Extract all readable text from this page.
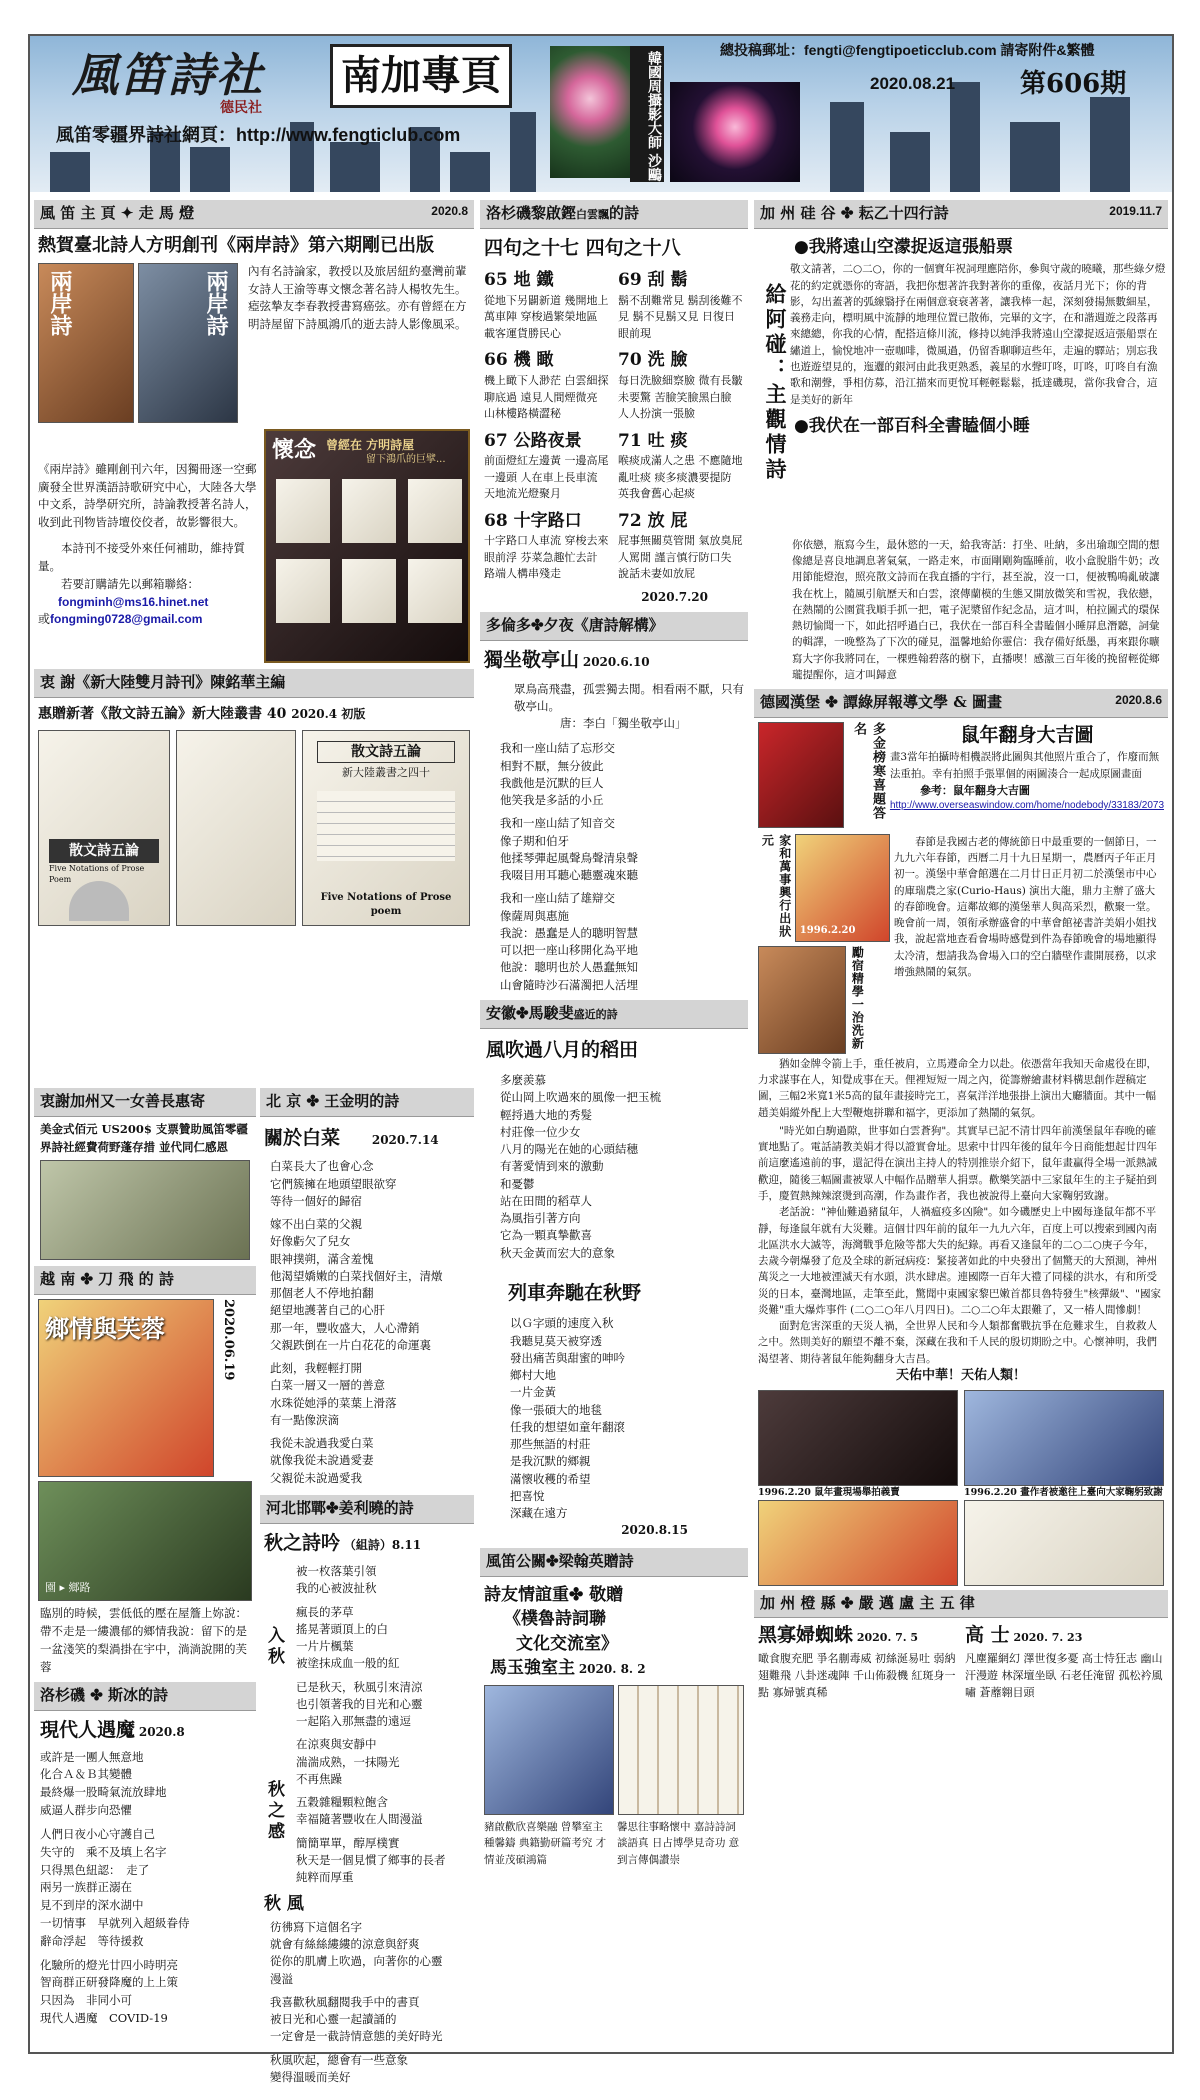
風笛詩社 南加專頁
德民社
風笛零疆界詩社網頁：http://www.fengticlub.com	韓國周攝影大師 沙鷗
總投稿郵址：fengti@fengtipoeticclub.com 請寄附件&繁體
2020.08.21 第606期
風 笛 主 頁 ✦ 走 馬 燈	2020.8
熱賀臺北詩人方明創刊《兩岸詩》第六期剛已出版
兩岸詩	兩岸詩	內有名詩論家，教授以及旅居紐約臺灣前輩女詩人王渝等專文懷念著名詩人楊牧先生。瘂弦摯友李春教授書寫癌弦。亦有曾經在方明詩屋留下詩風鴻爪的逝去詩人影像風采。
《兩岸詩》雖剛創刊六年，因獨冊逐一空郵廣發全世界漢語詩歌研究中心，大陸各大學中文系，詩學研究所，詩論教授著名詩人，收到此刊物皆詩壇佼佼者，故影響很大。
本詩刊不接受外來任何補助，維持質量。
若要訂購請先以郵箱聯絡：
fongminh@ms16.hinet.net
或fongming0728@gmail.com
懷念 曾經在 方明詩屋
留下鴻爪的巨擘...
衷 謝《新大陸雙月詩刊》陳銘華主編
惠贈新著《散文詩五論》新大陸叢書 40 2020.4 初版
散文詩五論
Five Notations of Prose Poem
散文詩五論
新大陸叢書之四十
Five Notations of Prose poem
衷謝加州又一女善長惠寄
美金式佰元 US200$ 支票贊助風笛零疆界詩社經費荷野蓬存措 並代同仁感恩
越 南 ✤ 刀 飛 的 詩
鄉情與芙蓉	2020.06.19
園 ▸ 鄉路
臨別的時候，雲低低的壓在屋簷上妳說：帶不走是一縷濃郁的鄉情我說：留下的是一盆淺笑的梨渦掛在宇中，淌淌說開的芙蓉
洛杉磯 ✤ 斯冰的詩
現代人遇魔 2020.8
或許是一團人無意地
化合Ａ＆Ｂ其變體
最終爆一股畸氣流放肆地
威逼人群步向恐懼

人們日夜小心守護自己
失守的　乘不及填上名字
只得黑色紐認：　走了
兩另一族群正溺在
見不到岸的深水湖中
一切情事　早就列入超級眷侍
辭命浮起　等待援救

化驗所的燈光廿四小時明亮
智商群正研發降魔的上上策
只因為　非同小可
現代人遇魔　COVID-19
北 京 ✤ 王金明的詩
關於白菜	2020.7.14
白菜長大了也會心念
它們簇擁在地頭望眼欲穿
等待一個好的歸宿

嫁不出白菜的父親
好像虧欠了兒女
眼神撲朔，滿含羞愧
他渴望嬌嫩的白菜找個好主，清燉
那個老人不停地拍翻
絕望地護著自己的心肝
那一年，豐收盛大，人心滯銷
父親跌倒在一片白花花的命運裏

此刻，我輕輕打開
白菜一層又一層的善意
水珠從她淨的菜葉上滑落
有一點像淚滴

我從未說過我愛白菜
就像我從未說過愛妻
父親從未說過愛我
河北邯鄲✤姜利曉的詩
秋之詩吟 （組詩）8.11
入秋
被一枚落葉引領
我的心被波扯秋

瘋長的茅草
搖晃著頭頂上的白
一片片楓葉
被塗抹成血一般的紅

已是秋天，秋風引來清涼
也引領著我的目光和心靈
一起陷入那無盡的遠逗
秋之感
在涼爽與安靜中
湍湍成熟，一抹陽光
不再焦躁

五穀雜糧顆粒飽含
幸福隨著豐收在人間漫溢

簡簡單單，醇厚樸實
秋天是一個見慣了鄉事的長者
純粹而厚重
秋 風
彷彿寫下這個名字
就會有絲絲縷縷的涼意與舒爽
從你的肌膚上吹過，向著你的心靈
漫溢

我喜歡秋風翻閱我手中的書頁
被日光和心靈一起讀誦的
一定會是一截詩情意態的美好時光

秋風吹起，總會有一些意象
變得溫暖而美好
洛杉磯黎啟鏗白雲飄的詩
四句之十七 四句之十八
65 地 鐵
從地下另闢新道 幾開地上萬車陣 穿梭過繁榮地區 載客運貨勝民心
69 刮 鬍
鬍不刮難常見 鬍刮後難不見 鬍不見鬍又見 日復日眼前現
66 機 瞰
機上瞰下人渺茫 白雲細探聊底過 遠見人間煙微亮 山林樓路橫澀秘
70 洗 臉
每日洗臉細察臉 微有長皺未要驚 苦臉笑臉黑白臉 人人扮演一張臉
67 公路夜景
前面燈紅左邊黃 一邊高尾一邊頭 人在車上長車流 天地流光燈聚月
71 吐 痰
喉痰成滿人之患 不應隨地亂吐痰 痰多痰濃要提防 英我會舊心起痰
68 十字路口
十字路口人車流 穿梭去來眼前浮 芬菜急趣忙去計 路端人構串殘走
72 放 屁
屁事無關莫管閒 氣放臭屁人罵閒 謹言慎行防口失 說話未妻如放屁
2020.7.20
多倫多✤夕夜《唐詩解構》
獨坐敬亭山 2020.6.10
眾鳥高飛盡，孤雲獨去閒。相看兩不厭，只有敬亭山。
唐：李白「獨坐敬亭山」
我和一座山結了忘形交
相對不厭，無分彼此
我戲他是沉默的巨人
他笑我是多話的小丘

我和一座山結了知音交
像子期和伯牙
他揉琴彈起風聲鳥聲清泉聲
我啜目用耳聽心聽靈魂來聽

我和一座山結了雄辯交
像薩周與惠施
我說：愚蠢是人的聰明智慧
可以把一座山移開化為平地
他說：聰明也於人愚蠢無知
山會隨時沙石滿濁把人活埋
安徽✤馬駿斐盛近的詩
風吹過八月的稻田
多麼羨慕
從山岡上吹過來的風像一把玉梳
輕捋過大地的秀髮
村莊像一位少女
八月的陽光在她的心頭結穗
有著愛情到來的激動
和憂鬱
站在田間的稻草人
為風指引著方向
它為一顆真摯歡喜
秋天金黃而宏大的意象
列車奔馳在秋野
以Ｇ字頭的速度入秋
我聽見莫天被穿透
發出痛苦與甜蜜的呻吟
鄉村大地
一片金黃
像一張碩大的地毯
任我的想望如童年翻滾
那些無語的村莊
是我沉默的鄉親
滿懷收穫的希望
把喜悅
深藏在遠方
2020.8.15
風笛公關✤梁翰英贈詩
詩友情誼重✤ 敬贈
《樸魯詩詞聯
文化交流室》
馬玉強室主 2020. 8. 2
豬啟歡欣喜樂融 曾攀室主種馨鑄 典籍勤研篇考究 才情並茂碩鴻篇
馨思往事略懷中 嘉詩詩詞談語真 日占博學見奇功 意到言傳偶讚崇
加 州 硅 谷 ✤ 耘乙十四行詩	2019.11.7
給阿碰：主觀情詩
●我將遠山空濛捉返這張船票
敬文請著，二○二○，你的一個寶年祝詞理應陪你，參與守歲的曉曦，那些綠夕燈花的約定就憑你的寄語，我把你想著許我對著你的重像，夜話月光下；你的背影，勾出蓋著的弧線翳抒在兩個意衰衰著著，讓我棒一起，深刻發揚無數細星，義務走向，標明風中流靜的地理位置已散佈，完畢的文字，在和諧週遊之段落再來總總，你我的心情，配搭這條川流，修持以純淨我將遠山空濛捉返這張船票在繡道上，愉悅地冲一壺咖啡，微風過，仍留香聊聊這些年，走遍的驛站；別忘我也遊遊望見的，迤邐的銀河由此我更熟悉，義星的水聲叮咚，叮咚，叮咚自有漁歌和潮聲，爭相仿募，沿江描來而更悅耳輕輕鬆鬆，抵達磯現，當你我會合，這是美好的新年
●我伏在一部百科全書瞌個小睡
你依戀，瓶寫今生，最休慾的一天，給我寄話：打坐、吐納，多出瑜珈空間的想像總是喜良地調息著氣氣，一路走來，市面剛剛夠臨睡前，收小盒脫脂牛奶；改用節能燈泡，照亮散文詩而在我直播的宇行，甚至說，沒一口，便被鴨鳴亂破讓我在枕上，隨風引航歷天和白雲，滾傳蘭模的生態又開放微笑和雪祝，我依戀，在熱鬧的公園賞我順手抓一把，電子泥漿留作紀念品，這才叫，柏拉圖式的環保熱切愉聞一下，如此招呼過白已，我伏在一部百科全書瞌個小睡屏息潛聽，詞彙的輯譯，一晚整為了下次的碰見，溫馨地給你靈信：我存備好紙墨，再來跟你曠寫大字你我將同在，一棵甦翰碧落的樹下，直播喫！感激三百年後的挽留輕從鄉瓏提醒你，這才叫歸意
德國漢堡 ✤ 譚綠屏報導文學 & 圖畫	2020.8.6
多金榜寒喜題答名	鼠年翻身大吉圖
畫3當年拍攝時相機誤將此圖與其他照片重合了，作廢而無法重拍。幸有拍照手張單個的兩圖湊合一起成原圖畫面
參考：鼠年翻身大吉圖
http://www.overseaswindow.com/home/nodebody/33183/2073
家和萬事興行出狀元
1996.2.20
勵宿精學一治洗新
春節是我國古老的傳統節日中最重要的一個節日，一九九六年春節，西曆二月十九日星期一，農曆丙子年正月初一。漢堡中華會館選在二月廿日正月初二於漢堡市中心的庫瑞農之家(Curio-Haus) 演出大龍，鼎力主辦了盛大的春節晚會。這鄰故鄉的漢堡華人與高采烈，歡聚一堂。晚會前一周，領衔承辦盛會的中華會館祕書許美娟小姐找我，說起當地查看會場時感覺到件為春節晚會的場地顯得太冷清，想請我為會場入口的空白牆壁作畫開展務，以求增強熱鬧的氣氛。
猶如金牌令箭上手，重任被肩，立馬遵命全力以赴。依憑當年我知天命處役在即，力求謀事在人，知覺成事在天。俚裡短短一周之內，從籌辦繪畫材料構思創作趕稿定圖，三幅2米寬1米5高的鼠年畫接時完工，喜氣洋洋地張掛上演出大廳牆面。其中一幅趙美娟縱外配上大型鞭炮拼聯和福字，更添加了熱鬧的氣氛。
"時光如白駒過隙，世事如白雲蒼狗"。其實早已記不清廿四年前漢堡鼠年春晚的確實地點了。電話請教美娟才得以證實會址。思索中廿四年後的鼠年今日商能想起廿四年前這麼遙遠前的事，還記得在演出主持人的特別推崇介紹下，鼠年畫贏得全場一派熱誠歡迎，隨後三幅圖畫被眾人中幅作品贈華人捐票。歡樂笑語中三家鼠年生的主子疑拍到手，慶賀熱辣辣滾燙到高潮，作為畫作者，我也被說得上臺向大家鞠躬致謝。
老話說："神仙難過豬鼠年，人禍瘟疫多凶險"。如今磯歷史上中國每逢鼠年都不平靜，每逢鼠年就有大災難。這個廿四年前的鼠年一九九六年，百度上可以搜索到國內南北區洪水大滅等，海灣戰爭危險等都大失的紀錄。再看又逢鼠年的二○二○庚子今年，去歲今朝爆發了危及全球的新冠病疫：緊接著如此的中央發出了個驚天的大預測，神州萬災之一大地被湮滅天有水頭，洪水肆虐。連國際一百年大禮了同樣的洪水，有和所受災的日本，臺灣地區，走筆至此，驚聞中東國家黎巴嫩首都貝魯特發生"核彈級"、"國家炎難"重大爆炸事件 (二○二○年八月四日)。二○二○年太跟難了，又一椿人間慘劇！
面對危害深重的天災人禍，全世界人民和今人類都奮戰抗爭在危難求生，自救救人之中。然則美好的願望不離不棄，深藏在我和千人民的殷切期盼之中。心懷神明，我們渴望著、期待著鼠年能夠翻身大吉昌。
天佑中華！天佑人類！
1996.2.20 鼠年畫現場舉拍義賣	1996.2.20 畫作者被邀往上臺向大家鞠躬致謝
加 州 橙 縣 ✤ 嚴 邁 盧 主 五 律
黑寡婦蜘蛛 2020. 7. 5
噉食腹充肥 爭名蒯毒威 初絲涎易吐 弱納翅難飛 八卦迷魂陣 千山佈殺機 紅斑身一點 寡婦號真稀
高 士 2020. 7. 23
凡塵羅網幻 澤世復多憂 高士恃狂志 幽山汗漫遊 林深壇坐臥 石老任淹留 孤松衿風嘯 蒼蘼翱目頭
